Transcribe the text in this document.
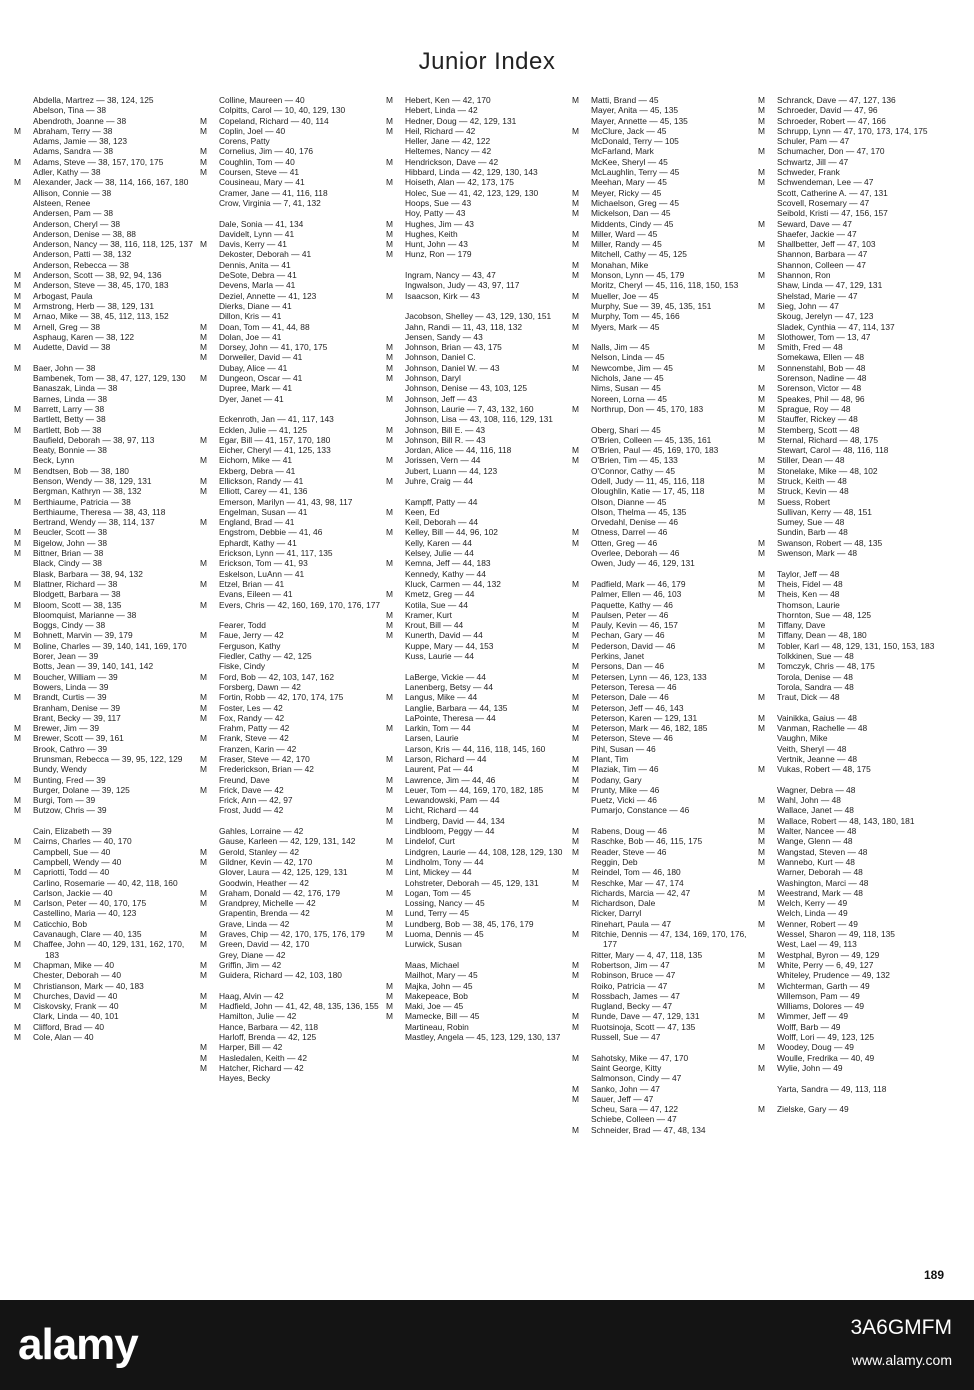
Junior Index
Abdella, Martrez — 38, 124, 125
Abelson, Tina — 38
Abendroth, Joanne — 38
M	Abraham, Terry — 38
Adams, Jamie — 38, 123
Adams, Sandra — 38
M	Adams, Steve — 38, 157, 170, 175
Adler, Kathy — 38
M	Alexander, Jack — 38, 114, 166, 167, 180
Allison, Connie — 38
Alsteen, Renee
Andersen, Pam — 38
Anderson, Cheryl — 38
Anderson, Denise — 38, 88
Anderson, Nancy — 38, 116, 118, 125, 137
Anderson, Patti — 38, 132
Anderson, Rebecca — 38
M	Anderson, Scott — 38, 92, 94, 136
M	Anderson, Steve — 38, 45, 170, 183
M	Arbogast, Paula
M	Armstrong, Herb — 38, 129, 131
M	Arnao, Mike — 38, 45, 112, 113, 152
M	Arnell, Greg — 38
Asphaug, Karen — 38, 122
M	Audette, David — 38
M	Baer, John — 38
Bambenek, Tom — 38, 47, 127, 129, 130
Banaszak, Linda — 38
Barnes, Linda — 38
M	Barrett, Larry — 38
Bartlett, Betty — 38
M	Bartlett, Bob — 38
Baufield, Deborah — 38, 97, 113
Beaty, Bonnie — 38
Beck, Lynn
M	Bendtsen, Bob — 38, 180
Benson, Wendy — 38, 129, 131
Bergman, Kathryn — 38, 132
M	Berthiaume, Patricia — 38
Berthiaume, Theresa — 38, 43, 118
Bertrand, Wendy — 38, 114, 137
M	Beucler, Scott — 38
M	Bigelow, John — 38
M	Bittner, Brian — 38
Black, Cindy — 38
Blask, Barbara — 38, 94, 132
M	Blattner, Richard — 38
Blodgett, Barbara — 38
M	Bloom, Scott — 38, 135
Bloomquist, Marianne — 38
Boggs, Cindy — 38
M	Bohnett, Marvin — 39, 179
M	Boline, Charles — 39, 140, 141, 169, 170
Borer, Jean — 39
Botts, Jean — 39, 140, 141, 142
M	Boucher, William — 39
Bowers, Linda — 39
M	Brandt, Curtis — 39
Branham, Denise — 39
Brant, Becky — 39, 117
M	Brewer, Jim — 39
M	Brewer, Scott — 39, 161
Brook, Cathro — 39
Brunsman, Rebecca — 39, 95, 122, 129
Bundy, Wendy
M	Bunting, Fred — 39
Burger, Dolane — 39, 125
M	Burgi, Tom — 39
M	Butzow, Chris — 39
Cain, Elizabeth — 39
M	Cairns, Charles — 40, 170
Campbell, Sue — 40
Campbell, Wendy — 40
M	Capriotti, Todd — 40
Carlino, Rosemarie — 40, 42, 118, 160
Carlson, Jackie — 40
M	Carlson, Peter — 40, 170, 175
Castellino, Maria — 40, 123
M	Caticchio, Bob
Cavanaugh, Clare — 40, 135
M	Chaffee, John — 40, 129, 131, 162, 170, 183
M	Chapman, Mike — 40
Chester, Deborah — 40
M	Christianson, Mark — 40, 183
M	Churches, David — 40
M	Ciskovsky, Frank — 40
Clark, Linda — 40, 101
M	Clifford, Brad — 40
M	Cole, Alan — 40
Colline, Maureen — 40
Colpitts, Carol — 10, 40, 129, 130
M	Copeland, Richard — 40, 114
M	Coplin, Joel — 40
Corens, Patty
M	Cornelius, Jim — 40, 176
M	Coughlin, Tom — 40
M	Coursen, Steve — 41
Cousineau, Mary — 41
Cramer, Jane — 41, 116, 118
Crow, Virginia — 7, 41, 132
Dale, Sonia — 41, 134
Davidelt, Lynn — 41
M	Davis, Kerry — 41
Dekoster, Deborah — 41
Dennis, Anita — 41
DeSote, Debra — 41
Devens, Marla — 41
Deziel, Annette — 41, 123
Dierks, Diane — 41
Dillon, Kris — 41
M	Doan, Tom — 41, 44, 88
M	Dolan, Joe — 41
M	Dorsey, John — 41, 170, 175
M	Dorweiler, David — 41
Dubay, Alice — 41
M	Dungeon, Oscar — 41
Dupree, Mark — 41
Dyer, Janet — 41
Eckenroth, Jan — 41, 117, 143
Ecklen, Julie — 41, 125
M	Egar, Bill — 41, 157, 170, 180
Eicher, Cheryl — 41, 125, 133
M	Eichorn, Mike — 41
Ekberg, Debra — 41
M	Ellickson, Randy — 41
M	Elliott, Carey — 41, 136
Emerson, Marilyn — 41, 43, 98, 117
Engelman, Susan — 41
M	England, Brad — 41
Engstrom, Debbie — 41, 46
Ephardt, Kathy — 41
Erickson, Lynn — 41, 117, 135
M	Erickson, Tom — 41, 93
Eskelson, LuAnn — 41
M	Etzel, Brian — 41
Evans, Eileen — 41
M	Evers, Chris — 42, 160, 169, 170, 176, 177
Fearer, Todd
M	Faue, Jerry — 42
Ferguson, Kathy
Fiedler, Cathy — 42, 125
Fiske, Cindy
M	Ford, Bob — 42, 103, 147, 162
Forsberg, Dawn — 42
M	Fortin, Robb — 42, 170, 174, 175
M	Foster, Les — 42
M	Fox, Randy — 42
Frahm, Patty — 42
M	Frank, Steve — 42
Franzen, Karin — 42
M	Fraser, Steve — 42, 170
M	Frederickson, Brian — 42
Freund, Dave
M	Frick, Dave — 42
Frick, Ann — 42, 97
Frost, Judd — 42
Gahles, Lorraine — 42
Gause, Karleen — 42, 129, 131, 142
M	Gerold, Stanley — 42
M	Gildner, Kevin — 42, 170
Glover, Laura — 42, 125, 129, 131
Goodwin, Heather — 42
M	Graham, Donald — 42, 176, 179
M	Grandprey, Michelle — 42
Grapentin, Brenda — 42
Grave, Linda — 42
M	Graves, Chip — 42, 170, 175, 176, 179
M	Green, David — 42, 170
Grey, Diane — 42
M	Griffin, Jim — 42
M	Guidera, Richard — 42, 103, 180
M	Haag, Alvin — 42
M	Hadfield, John — 41, 42, 48, 135, 136, 155
Hamilton, Julie — 42
Hance, Barbara — 42, 118
Harloff, Brenda — 42, 125
M	Harper, Bill — 42
M	Hasledalen, Keith — 42
M	Hatcher, Richard — 42
Hayes, Becky
M	Hebert, Ken — 42, 170
Hebert, Linda — 42
M	Hedner, Doug — 42, 129, 131
M	Heil, Richard — 42
Heller, Jane — 42, 122
Heltemes, Nancy — 42
M	Hendrickson, Dave — 42
Hibbard, Linda — 42, 129, 130, 143
M	Hoiseth, Alan — 42, 173, 175
Holec, Sue — 41, 42, 123, 129, 130
Hoops, Sue — 43
Hoy, Patty — 43
M	Hughes, Jim — 43
M	Hughes, Keith
M	Hunt, John — 43
M	Hunz, Ron — 179
Ingram, Nancy — 43, 47
Ingwalson, Judy — 43, 97, 117
M	Isaacson, Kirk — 43
Jacobson, Shelley — 43, 129, 130, 151
Jahn, Randi — 11, 43, 118, 132
Jensen, Sandy — 43
M	Johnson, Brian — 43, 175
M	Johnson, Daniel C.
M	Johnson, Daniel W. — 43
M	Johnson, Daryl
Johnson, Denise — 43, 103, 125
M	Johnson, Jeff — 43
Johnson, Laurie — 7, 43, 132, 160
Johnson, Lisa — 43, 108, 116, 129, 131
M	Johnson, Bill E. — 43
M	Johnson, Bill R. — 43
Jordan, Alice — 44, 116, 118
M	Jorissen, Vern — 44
Jubert, Luann — 44, 123
M	Juhre, Craig — 44
Kampff, Patty — 44
M	Keen, Ed
Keil, Deborah — 44
M	Kelley, Bill — 44, 96, 102
Kelly, Karen — 44
Kelsey, Julie — 44
M	Kemna, Jeff — 44, 183
Kennedy, Kathy — 44
Kluck, Carmen — 44, 132
M	Kmetz, Greg — 44
Kotila, Sue — 44
M	Kramer, Kurt
M	Krout, Bill — 44
M	Kunerth, David — 44
Kuppe, Mary — 44, 153
Kuss, Laurie — 44
LaBerge, Vickie — 44
Lanenberg, Betsy — 44
M	Langus, Mike — 44
Langlie, Barbara — 44, 135
LaPointe, Theresa — 44
M	Larkin, Tom — 44
Larsen, Laurie
Larson, Kris — 44, 116, 118, 145, 160
M	Larson, Richard — 44
Laurent, Pat — 44
M	Lawrence, Jim — 44, 46
M	Leuer, Tom — 44, 169, 170, 182, 185
Lewandowski, Pam — 44
M	Licht, Richard — 44
M	Lindberg, David — 44, 134
Lindbloom, Peggy — 44
M	Lindelof, Curt
Lindgren, Laurie — 44, 108, 128, 129, 130
M	Lindholm, Tony — 44
M	Lint, Mickey — 44
Lohstreter, Deborah — 45, 129, 131
M	Logan, Tom — 45
Lossing, Nancy — 45
M	Lund, Terry — 45
M	Lundberg, Bob — 38, 45, 176, 179
M	Luoma, Dennis — 45
Lurwick, Susan
Maas, Michael
Mailhot, Mary — 45
M	Majka, John — 45
M	Makepeace, Bob
M	Maki, Joe — 45
M	Mamecke, Bill — 45
Martineau, Robin
Mastley, Angela — 45, 123, 129, 130, 137
M	Matti, Brand — 45
Mayer, Anita — 45, 135
Mayer, Annette — 45, 135
M	McClure, Jack — 45
McDonald, Terry — 105
McFarland, Mark
McKee, Sheryl — 45
McLaughlin, Terry — 45
Meehan, Mary — 45
M	Meyer, Ricky — 45
M	Michaelson, Greg — 45
M	Mickelson, Dan — 45
Middents, Cindy — 45
M	Miller, Ward — 45
M	Miller, Randy — 45
Mitchell, Cathy — 45, 125
M	Monahan, Mike
M	Monson, Lynn — 45, 179
Moritz, Cheryl — 45, 116, 118, 150, 153
M	Mueller, Joe — 45
Murphy, Sue — 39, 45, 135, 151
M	Murphy, Tom — 45, 166
M	Myers, Mark — 45
M	Nalls, Jim — 45
Nelson, Linda — 45
M	Newcombe, Jim — 45
Nichols, Jane — 45
Nims, Susan — 45
Noreen, Lorna — 45
M	Northrup, Don — 45, 170, 183
Oberg, Shari — 45
O'Brien, Colleen — 45, 135, 161
M	O'Brien, Paul — 45, 169, 170, 183
M	O'Brien, Tim — 45, 133
O'Connor, Cathy — 45
Odell, Judy — 11, 45, 116, 118
Oloughlin, Katie — 17, 45, 118
Olson, Dianne — 45
Olson, Thelma — 45, 135
Orvedahl, Denise — 46
M	Otness, Darrel — 46
M	Otten, Greg — 46
Overlee, Deborah — 46
Owen, Judy — 46, 129, 131
M	Padfield, Mark — 46, 179
Palmer, Ellen — 46, 103
Paquette, Kathy — 46
M	Paulsen, Peter — 46
M	Pauly, Kevin — 46, 157
M	Pechan, Gary — 46
M	Pederson, David — 46
Perkins, Janet
M	Persons, Dan — 46
M	Petersen, Lynn — 46, 123, 133
Peterson, Teresa — 46
M	Peterson, Dale — 46
M	Peterson, Jeff — 46, 143
Peterson, Karen — 129, 131
M	Peterson, Mark — 46, 182, 185
M	Peterson, Steve — 46
Pihl, Susan — 46
M	Plant, Tim
M	Plaziak, Tim — 46
M	Podany, Gary
M	Prunty, Mike — 46
Puetz, Vicki — 46
Pumarjo, Constance — 46
M	Rabens, Doug — 46
M	Raschke, Bob — 46, 115, 175
M	Reader, Steve — 46
Reggin, Deb
M	Reindel, Tom — 46, 180
M	Reschke, Mar — 47, 174
Richards, Marcia — 42, 47
M	Richardson, Dale
Ricker, Darryl
Rinehart, Paula — 47
M	Ritchie, Dennis — 47, 134, 169, 170, 176, 177
Ritter, Mary — 4, 47, 118, 135
M	Robertson, Jim — 47
M	Robinson, Bruce — 47
Roiko, Patricia — 47
M	Rossbach, James — 47
Rugland, Becky — 47
M	Runde, Dave — 47, 129, 131
M	Ruotsinoja, Scott — 47, 135
Russell, Sue — 47
M	Sahotsky, Mike — 47, 170
Saint George, Kitty
Salmonson, Cindy — 47
M	Sanko, John — 47
M	Sauer, Jeff — 47
Scheu, Sara — 47, 122
Schiebe, Colleen — 47
M	Schneider, Brad — 47, 48, 134
M	Schranck, Dave — 47, 127, 136
M	Schroeder, David — 47, 96
M	Schroeder, Robert — 47, 166
M	Schrupp, Lynn — 47, 170, 173, 174, 175
Schuler, Pam — 47
M	Schumacher, Don — 47, 170
Schwartz, Jill — 47
M	Schweder, Frank
M	Schwendeman, Lee — 47
Scott, Catherine A. — 47, 131
Scovell, Rosemary — 47
Seibold, Kristi — 47, 156, 157
M	Seward, Dave — 47
Shaefer, Jackie — 47
M	Shallbetter, Jeff — 47, 103
Shannon, Barbara — 47
Shannon, Colleen — 47
M	Shannon, Ron
Shaw, Linda — 47, 129, 131
Shelstad, Marie — 47
M	Sieg, John — 47
Skoug, Jerelyn — 47, 123
Sladek, Cynthia — 47, 114, 137
M	Slothower, Tom — 13, 47
M	Smith, Fred — 48
Somekawa, Ellen — 48
M	Sonnenstahl, Bob — 48
Sorenson, Nadine — 48
M	Sorenson, Victor — 48
M	Speakes, Phil — 48, 96
M	Sprague, Roy — 48
M	Stauffer, Rickey — 48
M	Stemberg, Scott — 48
M	Sternal, Richard — 48, 175
Stewart, Carol — 48, 116, 118
M	Stiller, Dean — 48
M	Stonelake, Mike — 48, 102
M	Struck, Keith — 48
M	Struck, Kevin — 48
M	Suess, Robert
Sullivan, Kerry — 48, 151
Sumey, Sue — 48
Sundin, Barb — 48
M	Swanson, Robert — 48, 135
M	Swenson, Mark — 48
M	Taylor, Jeff — 48
M	Theis, Fidel — 48
M	Theis, Ken — 48
Thomson, Laurie
Thornton, Sue — 48, 125
M	Tiffany, Dave
M	Tiffany, Dean — 48, 180
M	Tobler, Karl — 48, 129, 131, 150, 153, 183
Tolkkinen, Sue — 48
M	Tomczyk, Chris — 48, 175
Torola, Denise — 48
Torola, Sandra — 48
M	Traut, Dick — 48
M	Vainikka, Gaius — 48
M	Vanman, Rachelle — 48
Vaughn, Mike
Veith, Sheryl — 48
Vertnik, Jeanne — 48
M	Vukas, Robert — 48, 175
Wagner, Debra — 48
M	Wahl, John — 48
Wallace, Janet — 48
M	Wallace, Robert — 48, 143, 180, 181
M	Walter, Nancee — 48
M	Wange, Glenn — 48
M	Wangstad, Steven — 48
M	Wannebo, Kurt — 48
Warner, Deborah — 48
Washington, Marci — 48
M	Weestrand, Mark — 48
M	Welch, Kerry — 49
Welch, Linda — 49
M	Wenner, Robert — 49
Wessel, Sharon — 49, 118, 135
West, Lael — 49, 113
M	Westphal, Byron — 49, 129
M	White, Perry — 6, 49, 127
Whiteley, Prudence — 49, 132
M	Wichterman, Garth — 49
Willemson, Pam — 49
Williams, Dolores — 49
M	Wimmer, Jeff — 49
Wolff, Barb — 49
Wolff, Lori — 49, 123, 125
M	Woodey, Doug — 49
Woulle, Fredrika — 40, 49
M	Wylie, John — 49
Yarta, Sandra — 49, 113, 118
M	Zielske, Gary — 49
189
alamy	3A6GMFM
www.alamy.com
